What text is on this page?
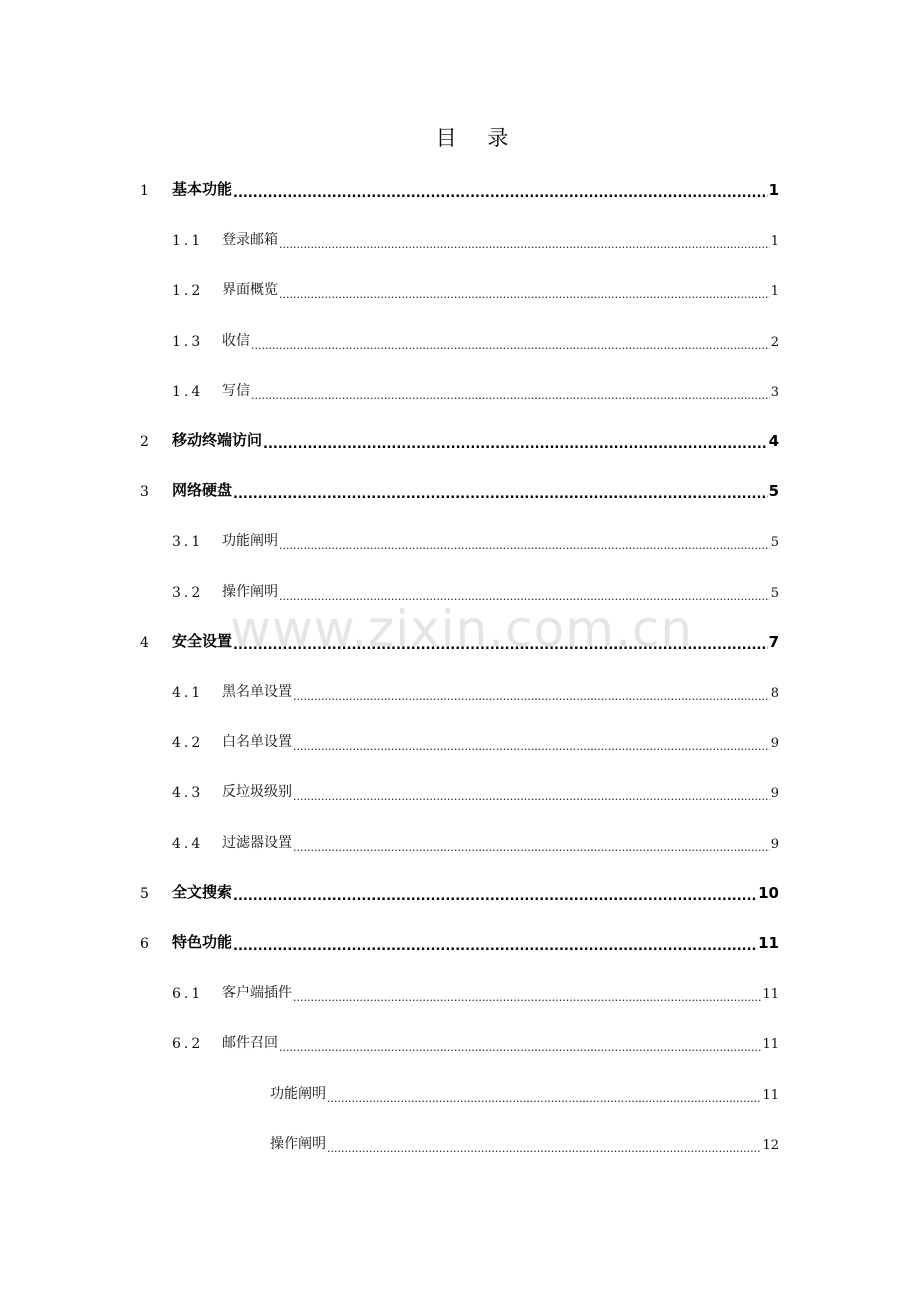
目 录
1	基本功能 .....	1
1.1	登录邮箱 .....	1
1.2	界面概览 .....	1
1.3	收信 .....	2
1.4	写信 .....	3
2	移动终端访问 .....	4
3	网络硬盘 .....	5
3.1	功能阐明 .....	5
3.2	操作阐明 .....	5
4	安全设置 .....	7
4.1	黑名单设置 .....	8
4.2	白名单设置 .....	9
4.3	反垃圾级别 .....	9
4.4	过滤器设置 .....	9
5	全文搜索 .....	10
6	特色功能 .....	11
6.1	客户端插件 .....	11
6.2	邮件召回 .....	11
功能阐明 .....	11
操作阐明 .....	12
www.zixin.com.cn
